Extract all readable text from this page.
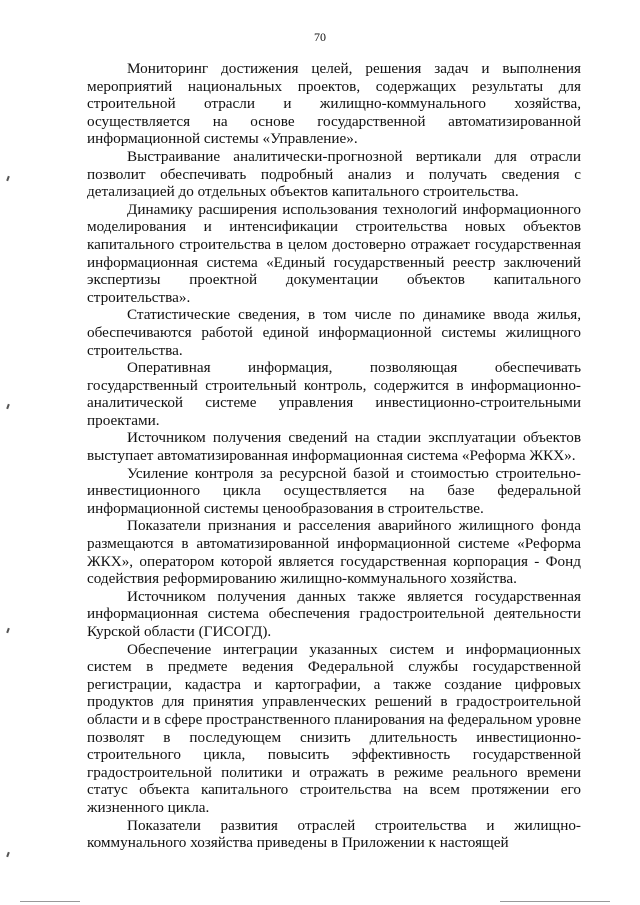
70

Мониторинг достижения целей, решения задач и выполнения мероприятий национальных проектов, содержащих результаты для строительной отрасли и жилищно-коммунального хозяйства, осуществляется на основе государственной автоматизированной информационной системы «Управление».

Выстраивание аналитически-прогнозной вертикали для отрасли позволит обеспечивать подробный анализ и получать сведения с детализацией до отдельных объектов капитального строительства.

Динамику расширения использования технологий информационного моделирования и интенсификации строительства новых объектов капитального строительства в целом достоверно отражает государственная информационная система «Единый государственный реестр заключений экспертизы проектной документации объектов капитального строительства».

Статистические сведения, в том числе по динамике ввода жилья, обеспечиваются работой единой информационной системы жилищного строительства.

Оперативная информация, позволяющая обеспечивать государственный строительный контроль, содержится в информационно-аналитической системе управления инвестиционно-строительными проектами.

Источником получения сведений на стадии эксплуатации объектов выступает автоматизированная информационная система «Реформа ЖКХ».

Усиление контроля за ресурсной базой и стоимостью строительно-инвестиционного цикла осуществляется на базе федеральной информационной системы ценообразования в строительстве.

Показатели признания и расселения аварийного жилищного фонда размещаются в автоматизированной информационной системе «Реформа ЖКХ», оператором которой является государственная корпорация - Фонд содействия реформированию жилищно-коммунального хозяйства.

Источником получения данных также является государственная информационная система обеспечения градостроительной деятельности Курской области (ГИСОГД).

Обеспечение интеграции указанных систем и информационных систем в предмете ведения Федеральной службы государственной регистрации, кадастра и картографии, а также создание цифровых продуктов для принятия управленческих решений в градостроительной области и в сфере пространственного планирования на федеральном уровне позволят в последующем снизить длительность инвестиционно-строительного цикла, повысить эффективность государственной градостроительной политики и отражать в режиме реального времени статус объекта капитального строительства на всем протяжении его жизненного цикла.

Показатели развития отраслей строительства и жилищно-коммунального хозяйства приведены в Приложении к настоящей
